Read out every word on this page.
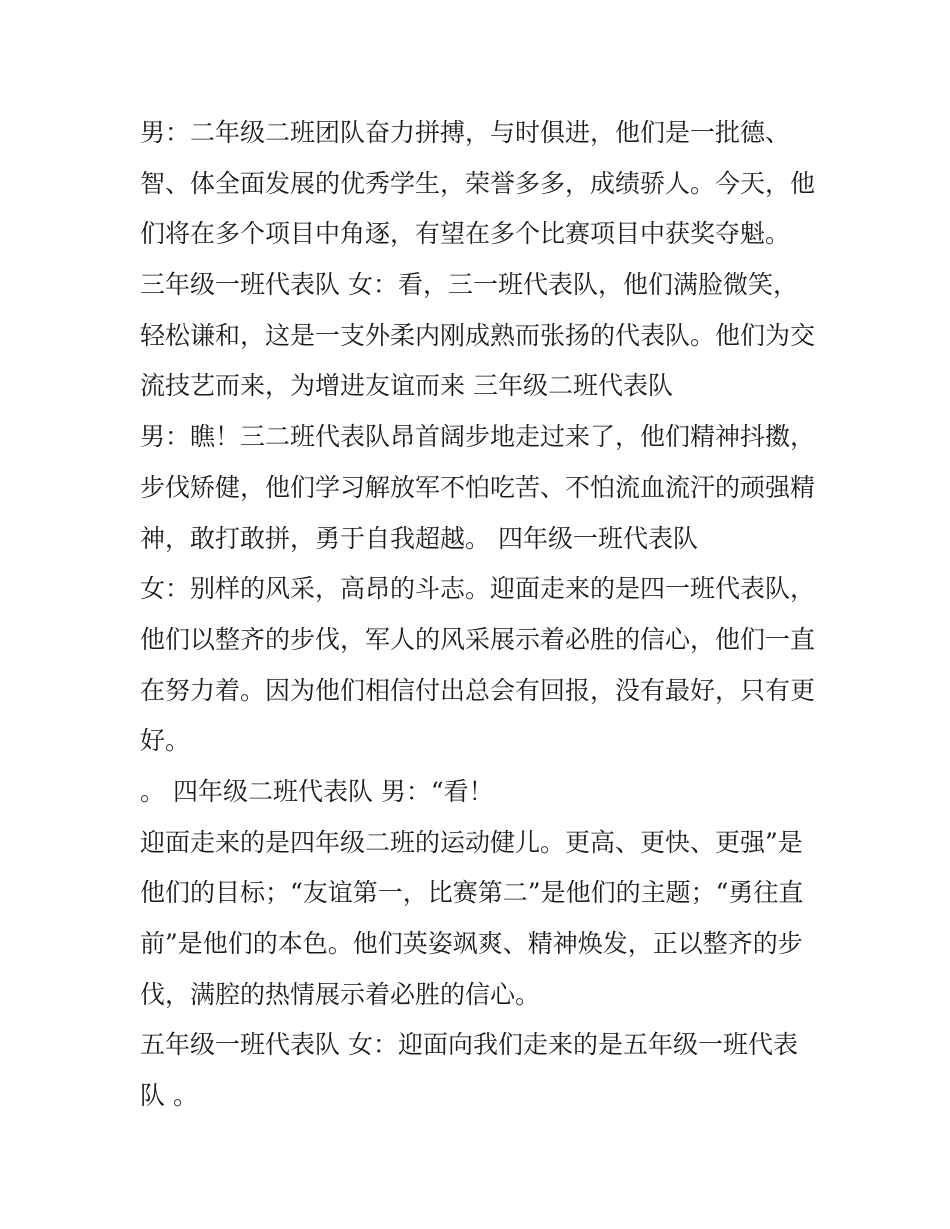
男：二年级二班团队奋力拼搏，与时俱进，他们是一批德、
智、体全面发展的优秀学生，荣誉多多，成绩骄人。今天，他
们将在多个项目中角逐，有望在多个比赛项目中获奖夺魁。
三年级一班代表队 女：看，三一班代表队，他们满脸微笑，
轻松谦和，这是一支外柔内刚成熟而张扬的代表队。他们为交
流技艺而来，为增进友谊而来 三年级二班代表队
男：瞧！三二班代表队昂首阔步地走过来了，他们精神抖擞，
步伐矫健，他们学习解放军不怕吃苦、不怕流血流汗的顽强精
神，敢打敢拼，勇于自我超越。 四年级一班代表队
女：别样的风采，高昂的斗志。迎面走来的是四一班代表队，
他们以整齐的步伐，军人的风采展示着必胜的信心，他们一直
在努力着。因为他们相信付出总会有回报，没有最好，只有更
好。
。 四年级二班代表队 男：“看！
迎面走来的是四年级二班的运动健儿。更高、更快、更强”是
他们的目标；“友谊第一，比赛第二”是他们的主题；“勇往直
前”是他们的本色。他们英姿飒爽、精神焕发，正以整齐的步
伐，满腔的热情展示着必胜的信心。
五年级一班代表队 女：迎面向我们走来的是五年级一班代表
队 。
